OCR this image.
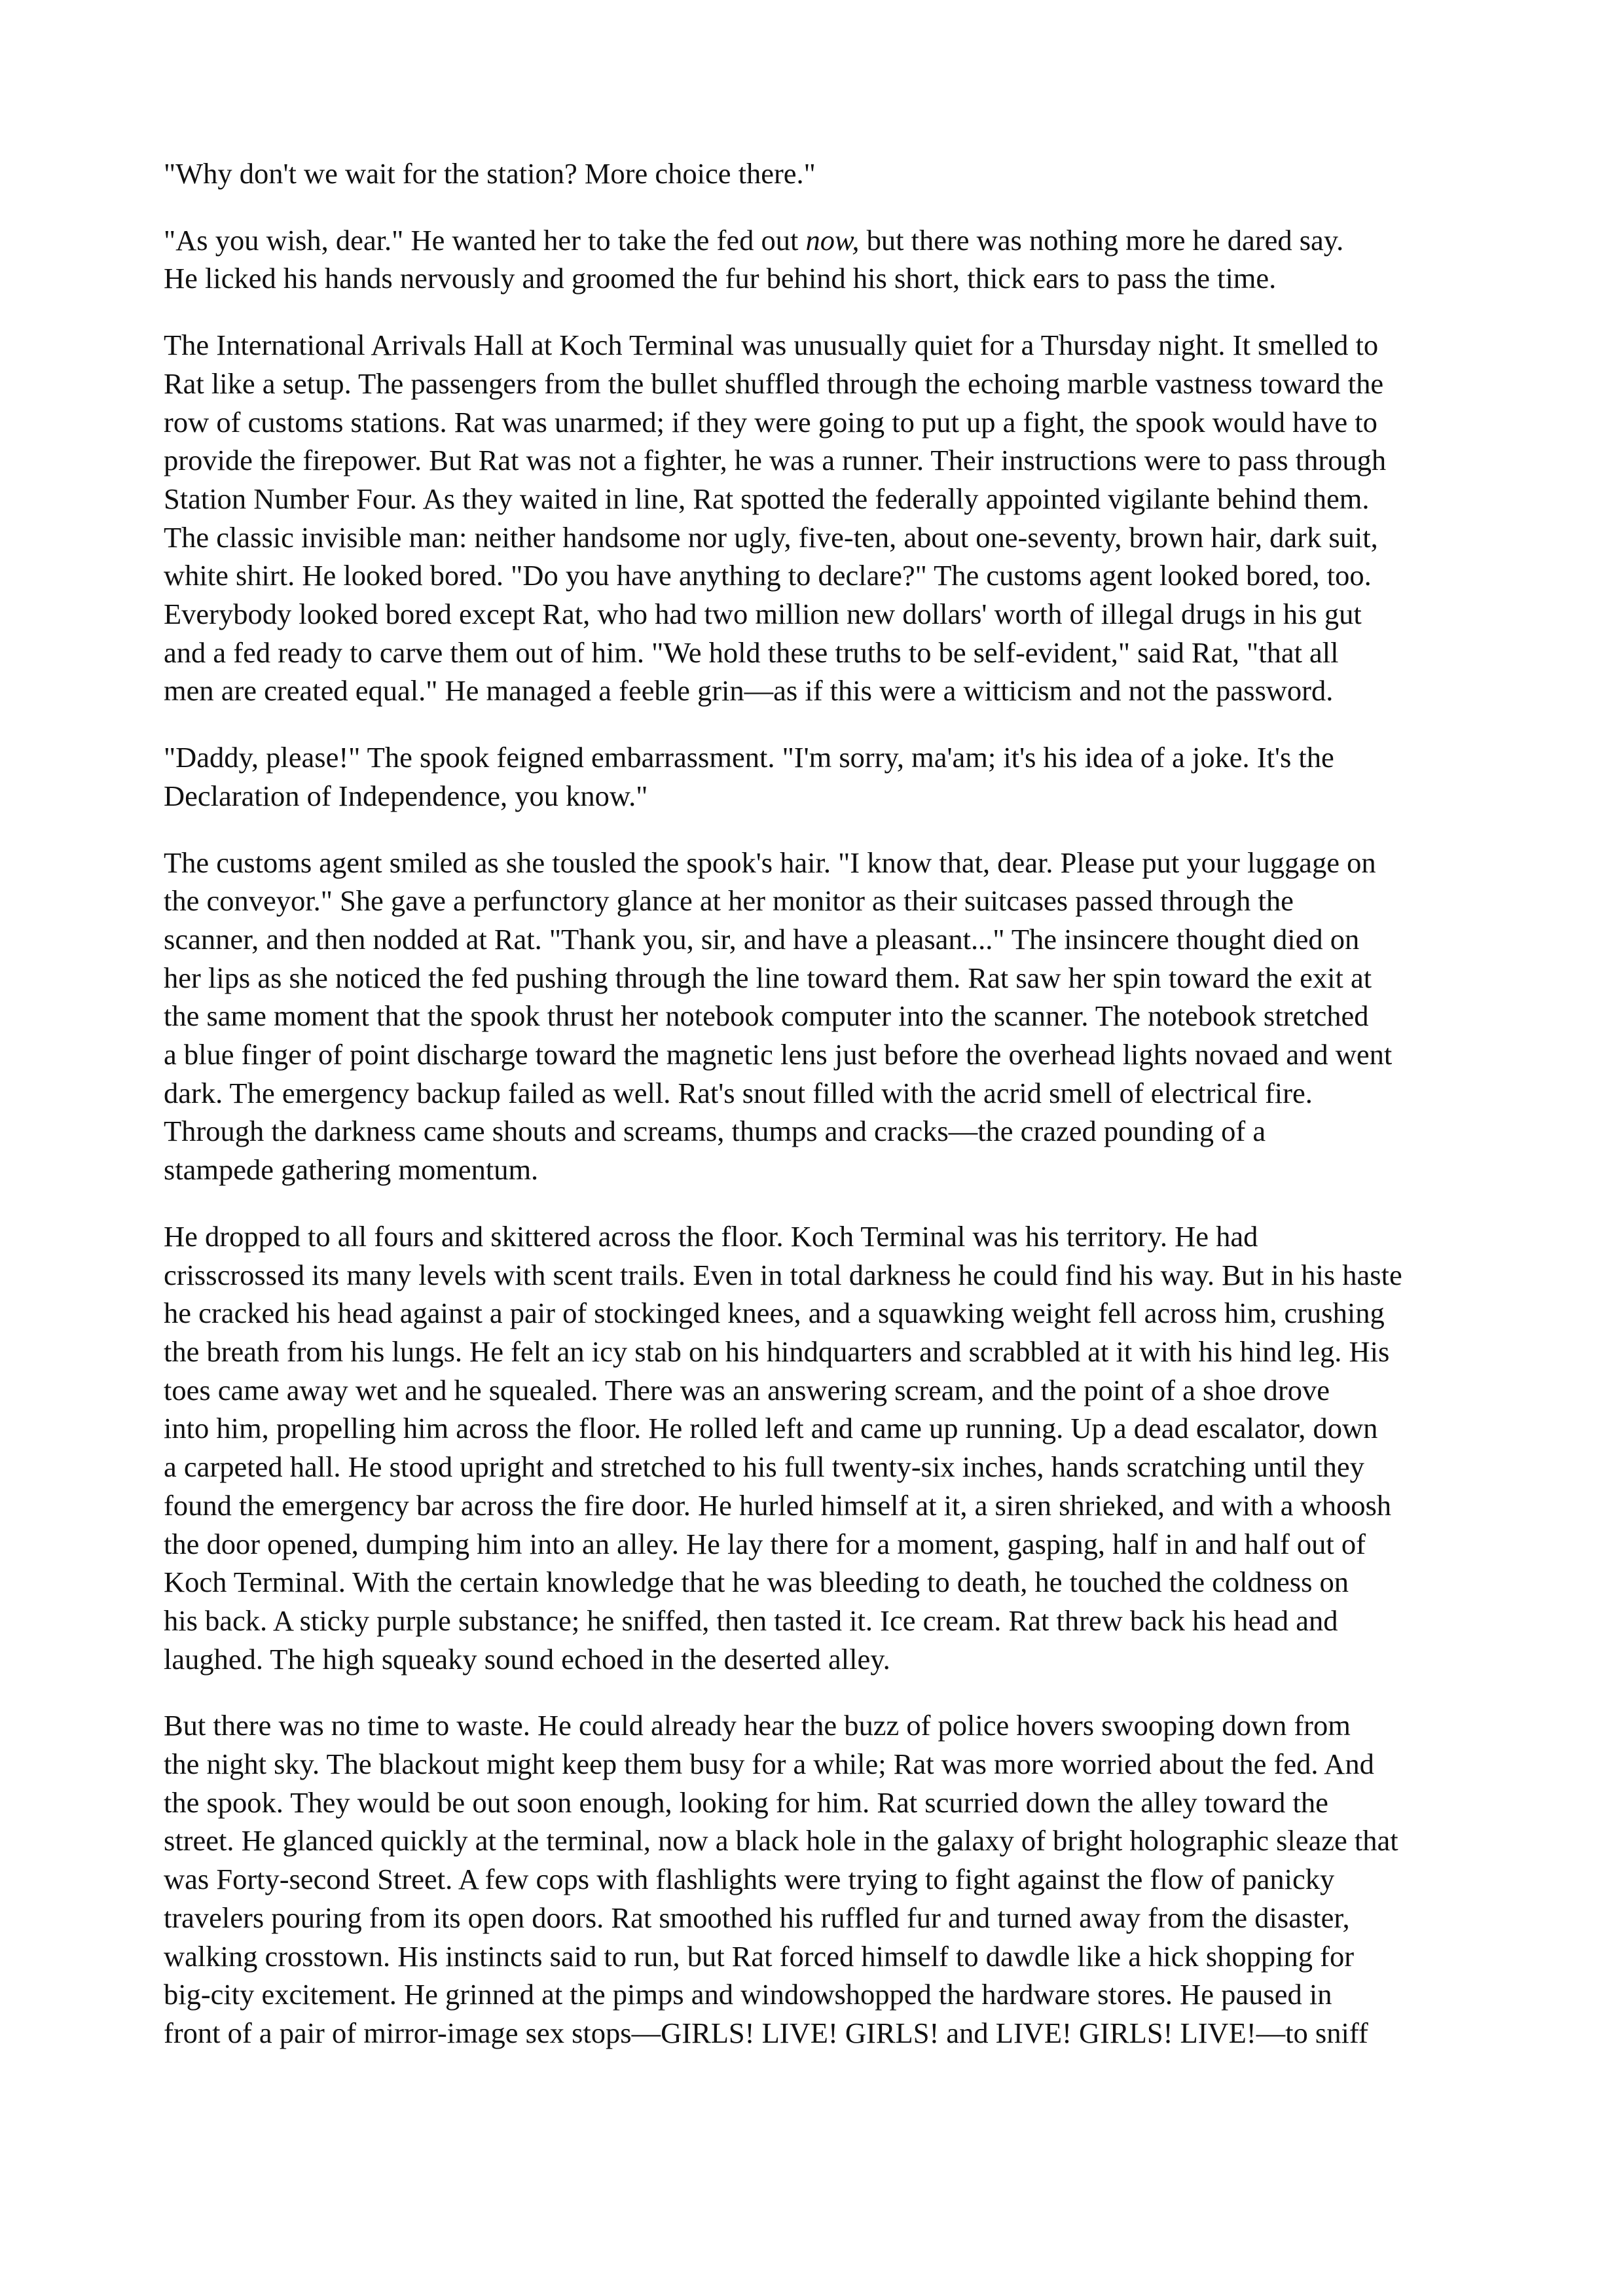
"Why don't we wait for the station? More choice there."

"As you wish, dear." He wanted her to take the fed out now, but there was nothing more he dared say.
He licked his hands nervously and groomed the fur behind his short, thick ears to pass the time.

The International Arrivals Hall at Koch Terminal was unusually quiet for a Thursday night. It smelled to
Rat like a setup. The passengers from the bullet shuffled through the echoing marble vastness toward the
row of customs stations. Rat was unarmed; if they were going to put up a fight, the spook would have to
provide the firepower. But Rat was not a fighter, he was a runner. Their instructions were to pass through
Station Number Four. As they waited in line, Rat spotted the federally appointed vigilante behind them.
The classic invisible man: neither handsome nor ugly, five-ten, about one-seventy, brown hair, dark suit,
white shirt. He looked bored. "Do you have anything to declare?" The customs agent looked bored, too.
Everybody looked bored except Rat, who had two million new dollars' worth of illegal drugs in his gut
and a fed ready to carve them out of him. "We hold these truths to be self-evident," said Rat, "that all
men are created equal." He managed a feeble grin—as if this were a witticism and not the password.

"Daddy, please!" The spook feigned embarrassment. "I'm sorry, ma'am; it's his idea of a joke. It's the
Declaration of Independence, you know."

The customs agent smiled as she tousled the spook's hair. "I know that, dear. Please put your luggage on
the conveyor." She gave a perfunctory glance at her monitor as their suitcases passed through the
scanner, and then nodded at Rat. "Thank you, sir, and have a pleasant..." The insincere thought died on
her lips as she noticed the fed pushing through the line toward them. Rat saw her spin toward the exit at
the same moment that the spook thrust her notebook computer into the scanner. The notebook stretched
a blue finger of point discharge toward the magnetic lens just before the overhead lights novaed and went
dark. The emergency backup failed as well. Rat's snout filled with the acrid smell of electrical fire.
Through the darkness came shouts and screams, thumps and cracks—the crazed pounding of a
stampede gathering momentum.

He dropped to all fours and skittered across the floor. Koch Terminal was his territory. He had
crisscrossed its many levels with scent trails. Even in total darkness he could find his way. But in his haste
he cracked his head against a pair of stockinged knees, and a squawking weight fell across him, crushing
the breath from his lungs. He felt an icy stab on his hindquarters and scrabbled at it with his hind leg. His
toes came away wet and he squealed. There was an answering scream, and the point of a shoe drove
into him, propelling him across the floor. He rolled left and came up running. Up a dead escalator, down
a carpeted hall. He stood upright and stretched to his full twenty-six inches, hands scratching until they
found the emergency bar across the fire door. He hurled himself at it, a siren shrieked, and with a whoosh
the door opened, dumping him into an alley. He lay there for a moment, gasping, half in and half out of
Koch Terminal. With the certain knowledge that he was bleeding to death, he touched the coldness on
his back. A sticky purple substance; he sniffed, then tasted it. Ice cream. Rat threw back his head and
laughed. The high squeaky sound echoed in the deserted alley.

But there was no time to waste. He could already hear the buzz of police hovers swooping down from
the night sky. The blackout might keep them busy for a while; Rat was more worried about the fed. And
the spook. They would be out soon enough, looking for him. Rat scurried down the alley toward the
street. He glanced quickly at the terminal, now a black hole in the galaxy of bright holographic sleaze that
was Forty-second Street. A few cops with flashlights were trying to fight against the flow of panicky
travelers pouring from its open doors. Rat smoothed his ruffled fur and turned away from the disaster,
walking crosstown. His instincts said to run, but Rat forced himself to dawdle like a hick shopping for
big-city excitement. He grinned at the pimps and windowshopped the hardware stores. He paused in
front of a pair of mirror-image sex stops—GIRLS! LIVE! GIRLS! and LIVE! GIRLS! LIVE!—to sniff
